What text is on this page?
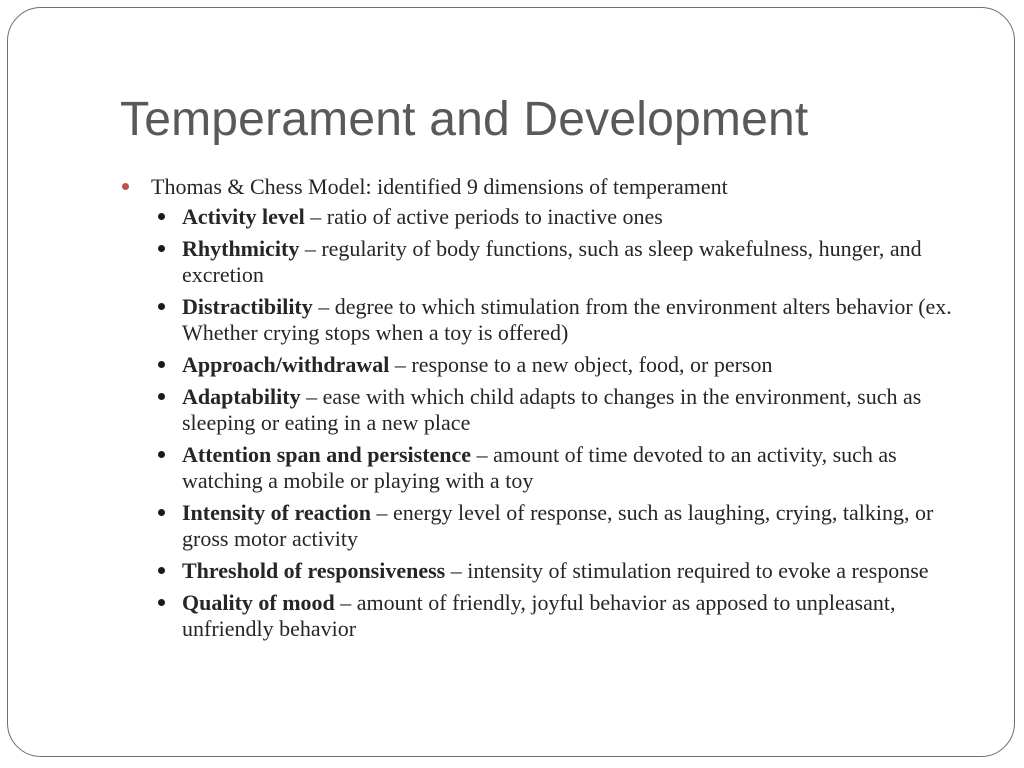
Temperament and Development
Thomas & Chess Model: identified 9 dimensions of temperament
Activity level – ratio of active periods to inactive ones
Rhythmicity – regularity of body functions, such as sleep wakefulness, hunger, and excretion
Distractibility – degree to which stimulation from the environment alters behavior (ex. Whether crying stops when a toy is offered)
Approach/withdrawal – response to a new object, food, or person
Adaptability – ease with which child adapts to changes in the environment, such as sleeping or eating in a new place
Attention span and persistence – amount of time devoted to an activity, such as watching a mobile or playing with a toy
Intensity of reaction – energy level of response, such as laughing, crying, talking, or gross motor activity
Threshold of responsiveness – intensity of stimulation required to evoke a response
Quality of mood – amount of friendly, joyful behavior as apposed to unpleasant, unfriendly behavior
